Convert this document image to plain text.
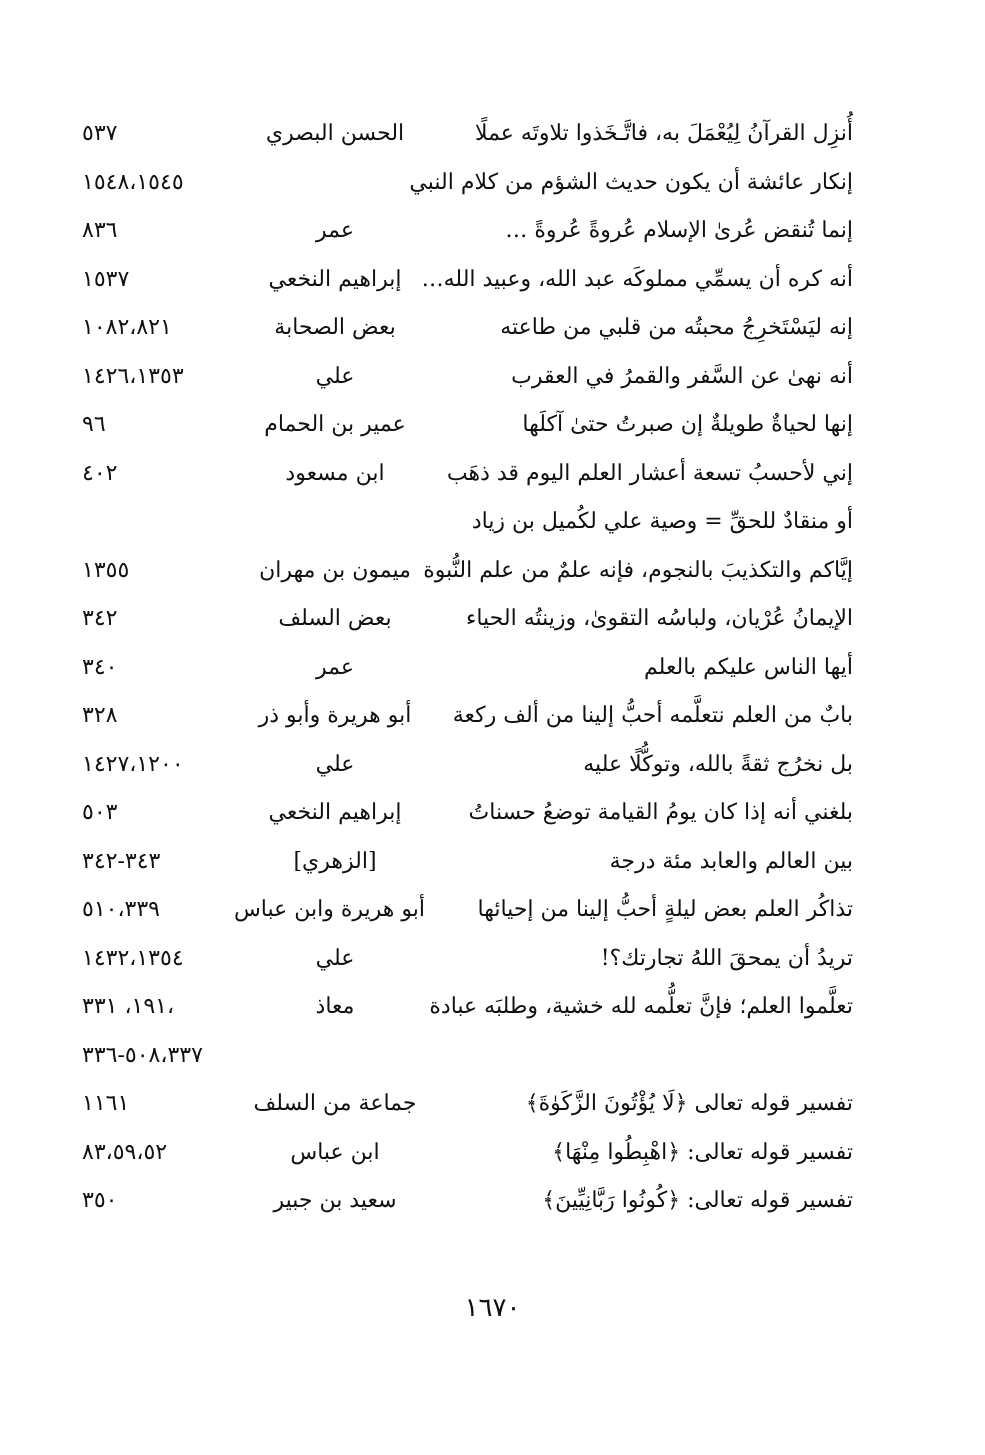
أُنزِل القرآنُ لِيُعْمَلَ به، فاتَّـخَذوا تلاوتَه عملًا
الحسن البصري
٥٣٧
إنكار عائشة أن يكون حديث الشؤم من كلام النبي
١٥٤٨،١٥٤٥
إنما تُنقض عُرىٰ الإسلام عُروةً عُروةً …
عمر
٨٣٦
أنه كره أن يسمِّي مملوكَه عبد الله، وعبيد الله…
إبراهيم النخعي
١٥٣٧
إنه ليَسْتَخرِجُ محبتُه من قلبي من طاعته
بعض الصحابة
١٠٨٢،٨٢١
أنه نهىٰ عن السَّفر والقمرُ في العقرب
علي
١٤٢٦،١٣٥٣
إنها لحياةٌ طويلةٌ إن صبرتُ حتىٰ آكلَها
عمير بن الحمام
٩٦
إني لأحسبُ تسعة أعشار العلم اليوم قد ذهَب
ابن مسعود
٤٠٢
أو منقادٌ للحقِّ = وصية علي لكُميل بن زياد
إيَّاكم والتكذيبَ بالنجوم، فإنه علمٌ من علم النُّبوة
ميمون بن مهران
١٣٥٥
الإيمانُ عُرْيان، ولباسُه التقوىٰ، وزينتُه الحياء
بعض السلف
٣٤٢
أيها الناس عليكم بالعلم
عمر
٣٤٠
بابٌ من العلم نتعلَّمه أحبُّ إلينا من ألف ركعة
أبو هريرة وأبو ذر
٣٢٨
بل نخرُج ثقةً بالله، وتوكُّلًا عليه
علي
١٤٢٧،١٢٠٠
بلغني أنه إذا كان يومُ القيامة توضعُ حسناتُ
إبراهيم النخعي
٥٠٣
بين العالم والعابد مئة درجة
[الزهري]
٣٤٣-٣٤٢
تذاكُر العلم بعض ليلةٍ أحبُّ إلينا من إحيائها
أبو هريرة وابن عباس
٥١٠،٣٣٩
تريدُ أن يمحقَ اللهُ تجارتك؟!
علي
١٤٣٢،١٣٥٤
تعلَّموا العلم؛ فإنَّ تعلُّمه لله خشية، وطلبَه عبادة
معاذ
١٩١، ٣٣١،
٥٠٨،٣٣٧-٣٣٦
تفسير قوله تعالى ﴿لَا يُؤْتُونَ الزَّكَوٰةَ﴾
جماعة من السلف
١١٦١
تفسير قوله تعالى: ﴿اهْبِطُوا مِنْهَا﴾
ابن عباس
٨٣،٥٩،٥٢
تفسير قوله تعالى: ﴿كُونُوا رَبَّانِيِّينَ﴾
سعيد بن جبير
٣٥٠
١٦٧٠
